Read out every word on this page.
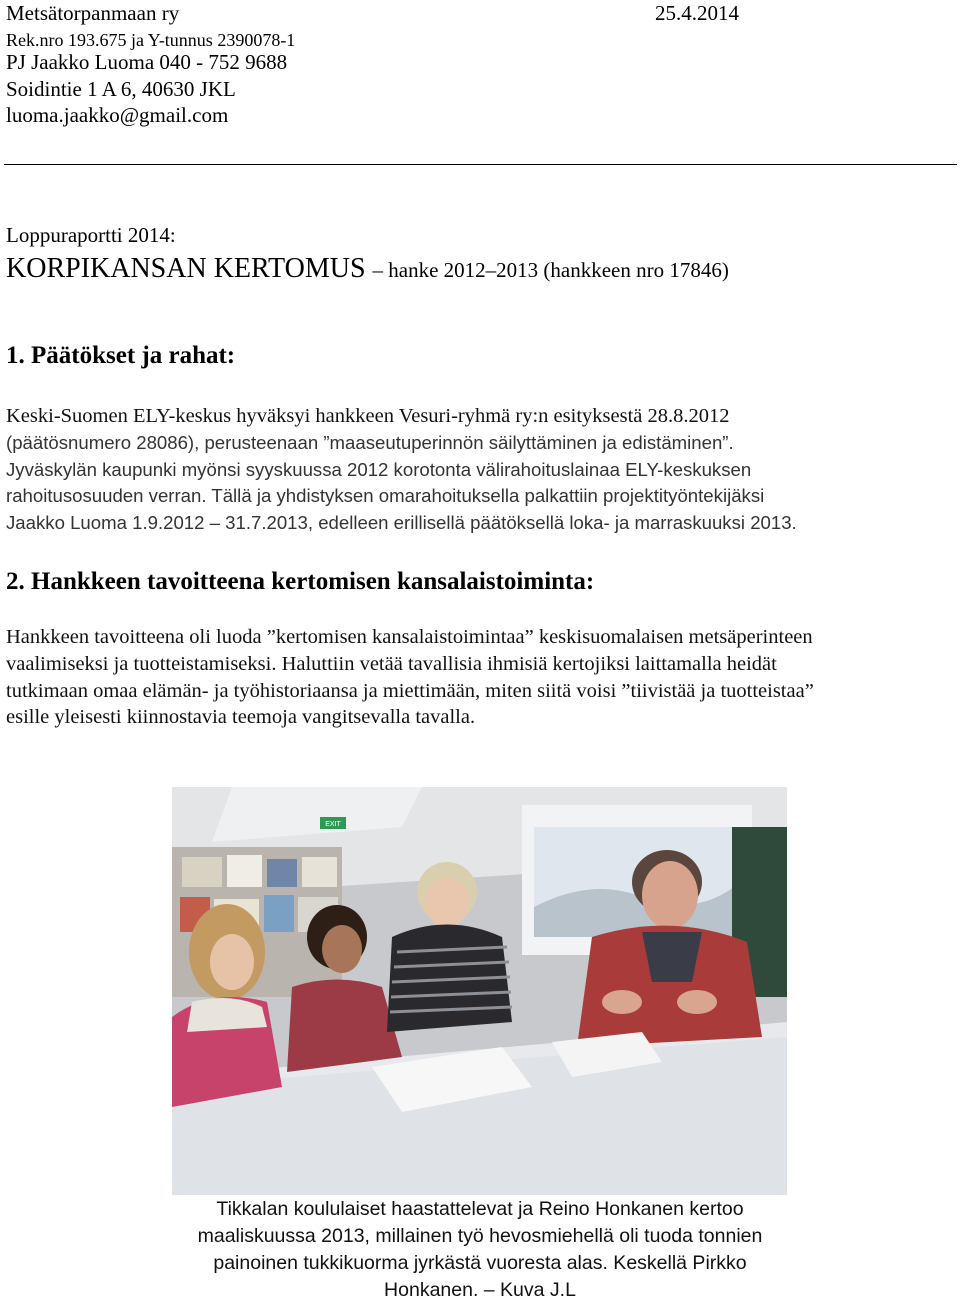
Metsätorpanmaan ry	25.4.2014
Rek.nro 193.675 ja Y-tunnus 2390078-1
PJ Jaakko Luoma 040 - 752 9688
Soidintie 1 A 6, 40630 JKL
luoma.jaakko@gmail.com
Loppuraportti 2014:
KORPIKANSAN KERTOMUS – hanke 2012–2013 (hankkeen nro 17846)
1. Päätökset ja rahat:
Keski-Suomen ELY-keskus hyväksyi hankkeen Vesuri-ryhmä ry:n esityksestä 28.8.2012
(päätösnumero 28086), perusteenaan ”maaseutuperinnön säilyttäminen ja edistäminen”.
Jyväskylän kaupunki myönsi syyskuussa 2012 korotonta välirahoituslainaa ELY-keskuksen
rahoitusosuuden verran. Tällä ja yhdistyksen omarahoituksella palkattiin projektityöntekijäksi
Jaakko Luoma 1.9.2012 – 31.7.2013, edelleen erillisellä päätöksellä loka- ja marraskuuksi 2013.
2. Hankkeen tavoitteena kertomisen kansalaistoiminta:
Hankkeen tavoitteena oli luoda ”kertomisen kansalaistoimintaa” keskisuomalaisen metsäperinteen
vaalimiseksi ja tuotteistamiseksi. Haluttiin vetää tavallisia ihmisiä kertojiksi laittamalla heidät
tutkimaan omaa elämän- ja työhistoriaansa ja miettimään, miten siitä voisi ”tiivistää ja tuotteistaa”
esille yleisesti kiinnostavia teemoja vangitsevalla tavalla.
EXIT
Tikkalan koululaiset haastattelevat ja Reino Honkanen kertoo
maaliskuussa 2013, millainen työ hevosmiehellä oli tuoda tonnien
painoinen tukkikuorma jyrkästä vuoresta alas. Keskellä Pirkko
Honkanen. – Kuva J.L
